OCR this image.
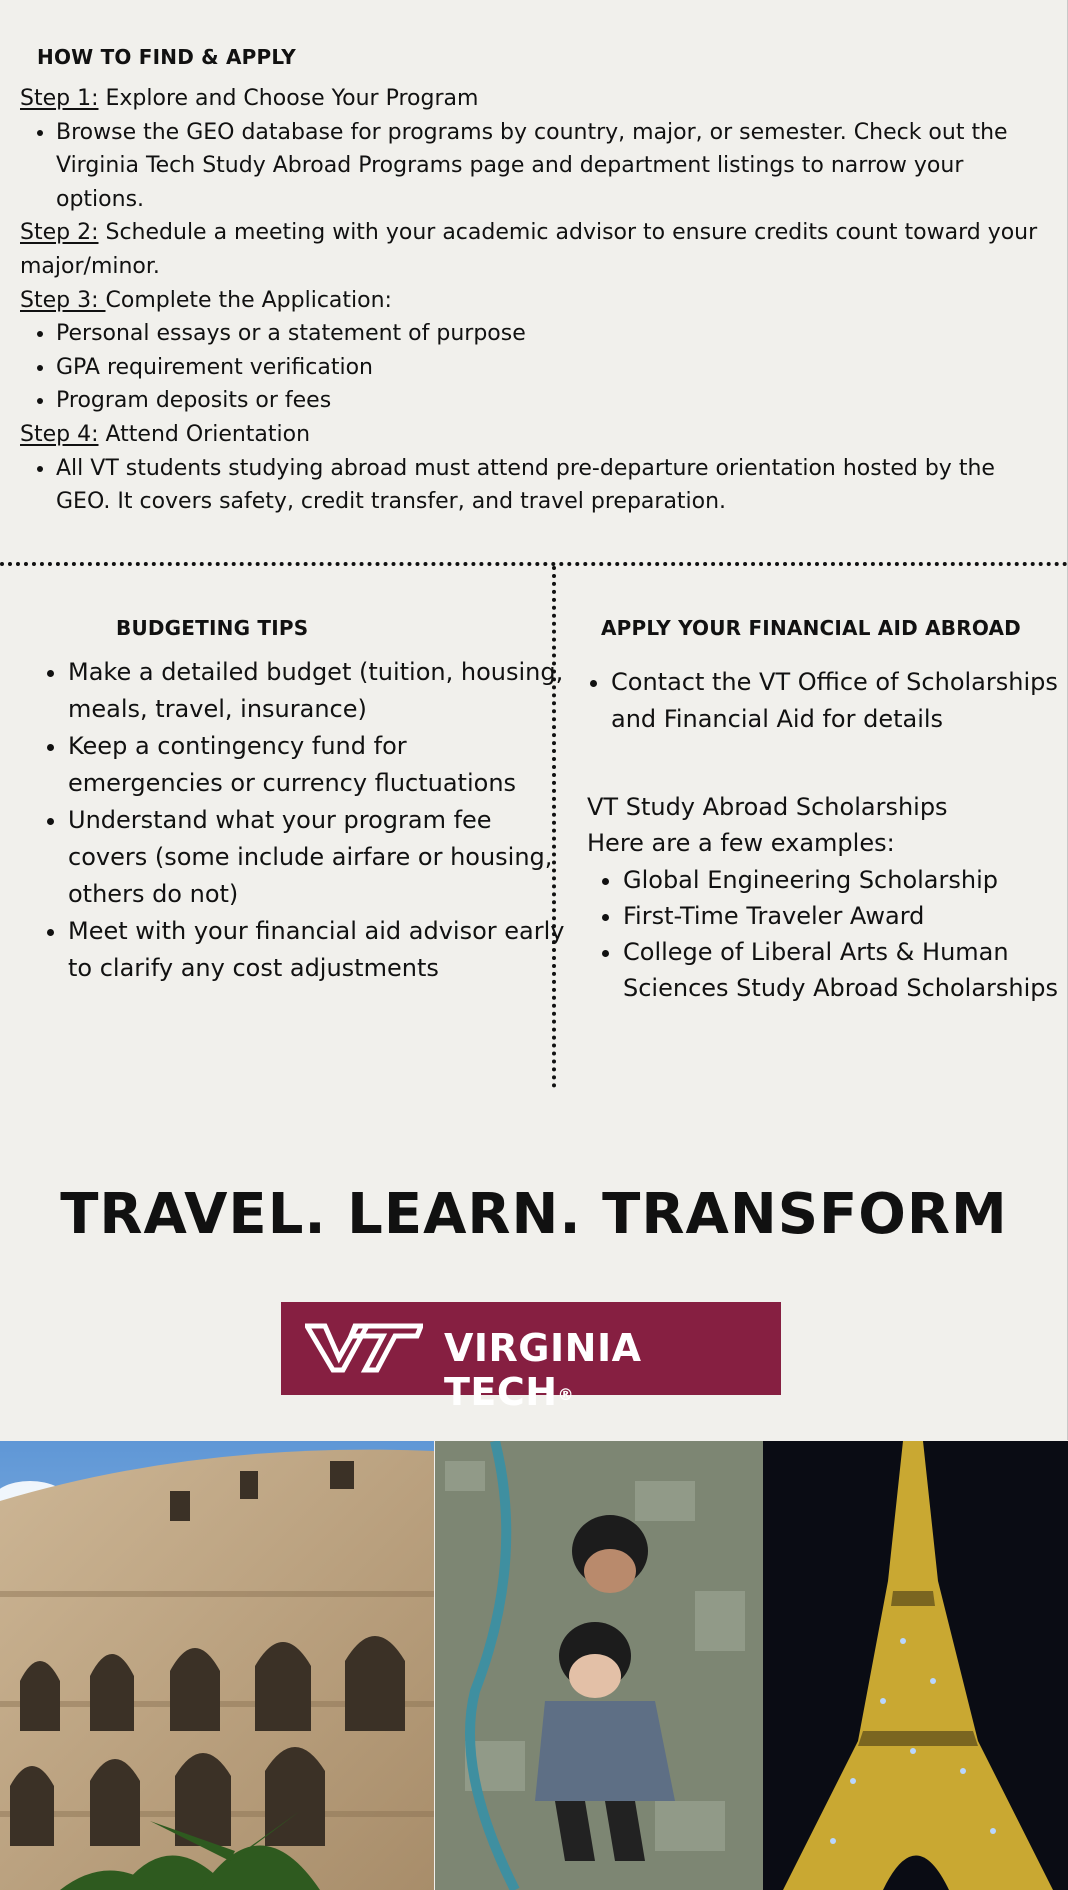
HOW TO FIND & APPLY

Step 1: Explore and Choose Your Program

• Browse the GEO database for programs by country, major, or semester. Check out the Virginia Tech Study Abroad Programs page and department listings to narrow your options.

Step 2: Schedule a meeting with your academic advisor to ensure credits count toward your major/minor.

Step 3: Complete the Application:

• Personal essays or a statement of purpose
• GPA requirement verification
• Program deposits or fees

Step 4: Attend Orientation

• All VT students studying abroad must attend pre-departure orientation hosted by the GEO. It covers safety, credit transfer, and travel preparation.
BUDGETING TIPS
• Make a detailed budget (tuition, housing, meals, travel, insurance)
• Keep a contingency fund for emergencies or currency fluctuations
• Understand what your program fee covers (some include airfare or housing, others do not)
• Meet with your financial aid advisor early to clarify any cost adjustments
APPLY YOUR FINANCIAL AID ABROAD
• Contact the VT Office of Scholarships and Financial Aid for details

VT Study Abroad Scholarships
Here are a few examples:

• Global Engineering Scholarship
• First-Time Traveler Award
• College of Liberal Arts & Human Sciences Study Abroad Scholarships
TRAVEL. LEARN. TRANSFORM
VIRGINIA TECH®
